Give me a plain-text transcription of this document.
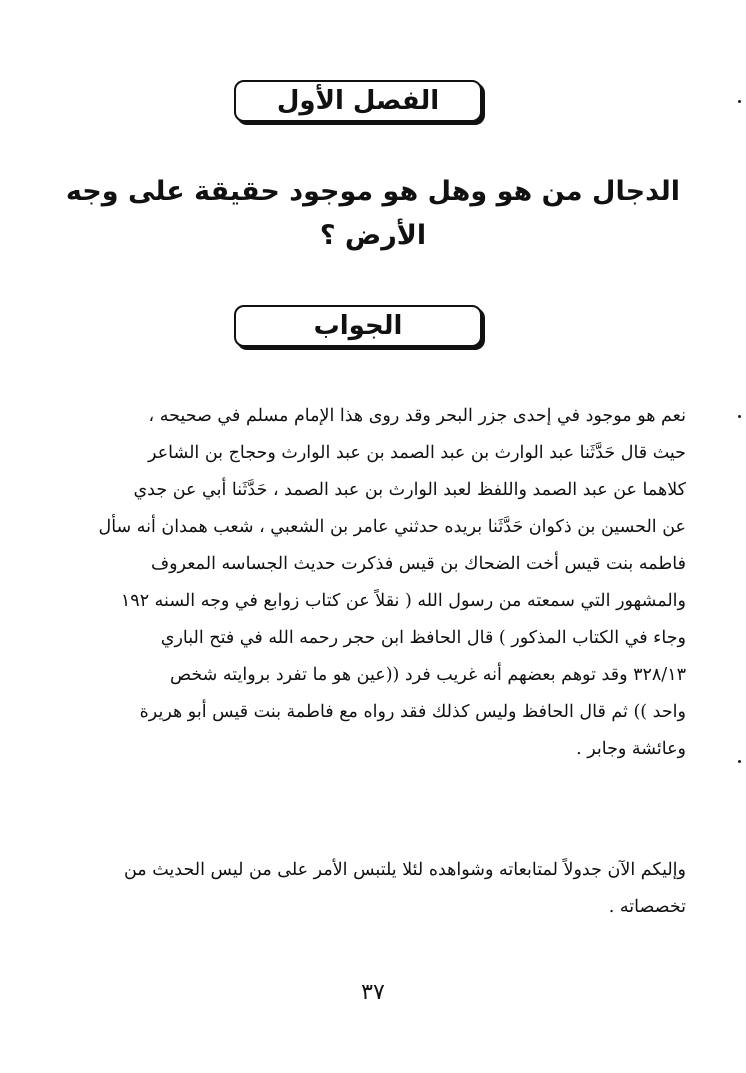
الفصل الأول
الدجال من هو وهل هو موجود حقيقة على وجه الأرض ؟
الجواب
نعم هو موجود في إحدى جزر البحر وقد روى هذا الإمام مسلم في صحيحه ،
حيث قال حَدَّثَنا عبد الوارث بن عبد الصمد بن عبد الوارث وحجاج بن الشاعر
كلاهما عن عبد الصمد واللفظ لعبد الوارث بن عبد الصمد ، حَدَّثَنا أبي عن جدي
عن الحسين بن ذكوان حَدَّثَنا بريده حدثني عامر بن الشعبي ، شعب همدان أنه سأل
فاطمه بنت قيس أخت الضحاك بن قيس فذكرت حديث الجساسه المعروف
والمشهور التي سمعته من رسول الله ( نقلاً عن كتاب زوابع في وجه السنه ١٩٢
وجاء في الكتاب المذكور ) قال الحافظ ابن حجر رحمه الله في فتح الباري
٣٢٨/١٣ وقد توهم بعضهم أنه غريب فرد ((عين هو ما تفرد بروايته شخص
واحد )) ثم قال الحافظ وليس كذلك فقد رواه مع فاطمة بنت قيس أبو هريرة
وعائشة وجابر .
وإليكم الآن جدولاً لمتابعاته وشواهده لئلا يلتبس الأمر على من ليس الحديث من
تخصصاته .
٣٧
